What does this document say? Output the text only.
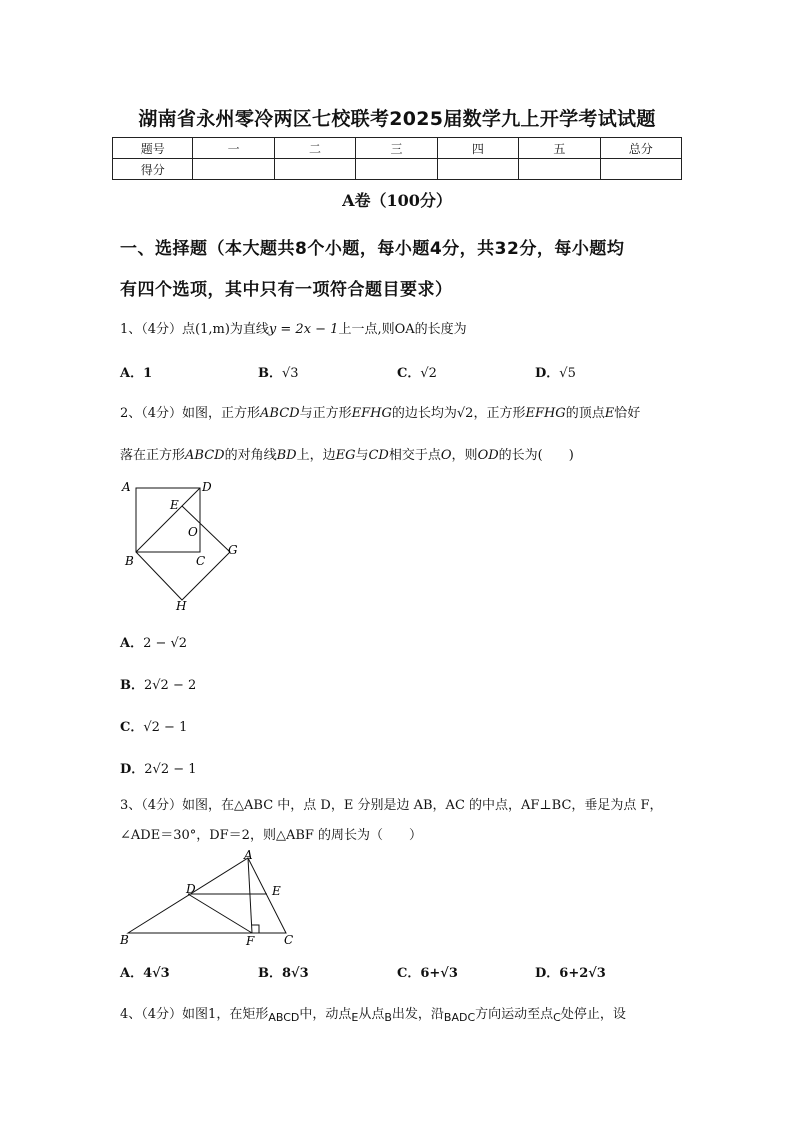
湖南省永州零冷两区七校联考2025届数学九上开学考试试题
题号	一	二	三	四	五	总分
得分						
A卷（100分）
一、选择题（本大题共8个小题，每小题4分，共32分，每小题均
有四个选项，其中只有一项符合题目要求）
1、（4分）点(1,m)为直线y = 2x − 1上一点,则OA的长度为
A．1	B．√3	C．√2	D．√5
2、（4分）如图，正方形ABCD与正方形EFHG的边长均为√2，正方形EFHG的顶点E恰好
落在正方形ABCD的对角线BD上，边EG与CD相交于点O，则OD的长为(　　)
A	D
E
O
B	C
G
H
A．2 − √2
B．2√2 − 2
C．√2 − 1
D．2√2 − 1
3、（4分）如图，在△ABC 中，点 D，E 分别是边 AB，AC 的中点，AF⊥BC，垂足为点 F，
∠ADE＝30°，DF＝2，则△ABF 的周长为（　　）
A
D	E
B	F C
A．4√3	B．8√3	C．6+√3	D．6+2√3
4、（4分）如图1，在矩形$_{ABCD}$中，动点$_E$从点$_B$出发，沿$_{BADC}$方向运动至点$_C$处停止，设
